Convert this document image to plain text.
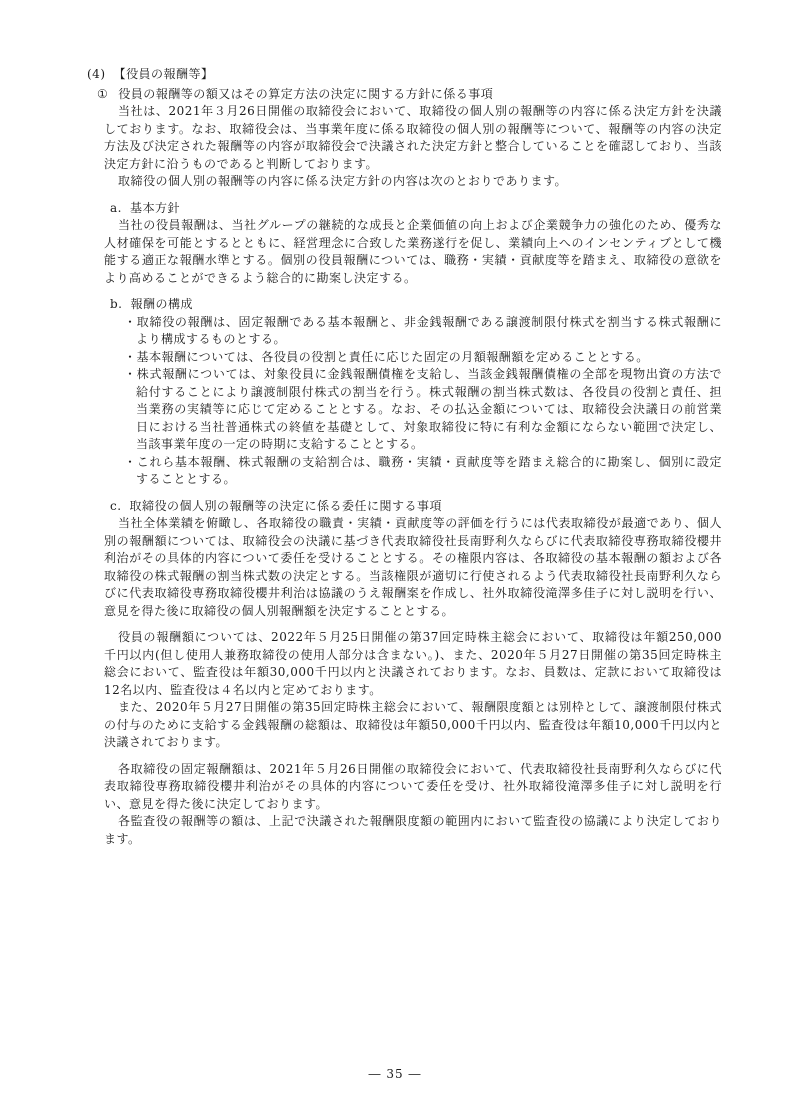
(4) 【役員の報酬等】
① 役員の報酬等の額又はその算定方法の決定に関する方針に係る事項

当社は、2021年３月26日開催の取締役会において、取締役の個人別の報酬等の内容に係る決定方針を決議しております。なお、取締役会は、当事業年度に係る取締役の個人別の報酬等について、報酬等の内容の決定方法及び決定された報酬等の内容が取締役会で決議された決定方針と整合していることを確認しており、当該決定方針に沿うものであると判断しております。

取締役の個人別の報酬等の内容に係る決定方針の内容は次のとおりであります。

a. 基本方針

当社の役員報酬は、当社グループの継続的な成長と企業価値の向上および企業競争力の強化のため、優秀な人材確保を可能とするとともに、経営理念に合致した業務遂行を促し、業績向上へのインセンティブとして機能する適正な報酬水準とする。個別の役員報酬については、職務・実績・貢献度等を踏まえ、取締役の意欲をより高めることができるよう総合的に勘案し決定する。

b. 報酬の構成
・取締役の報酬は、固定報酬である基本報酬と、非金銭報酬である譲渡制限付株式を割当する株式報酬により構成するものとする。
・基本報酬については、各役員の役割と責任に応じた固定の月額報酬額を定めることとする。
・株式報酬については、対象役員に金銭報酬債権を支給し、当該金銭報酬債権の全部を現物出資の方法で給付することにより譲渡制限付株式の割当を行う。株式報酬の割当株式数は、各役員の役割と責任、担当業務の実績等に応じて定めることとする。なお、その払込金額については、取締役会決議日の前営業日における当社普通株式の終値を基礎として、対象取締役に特に有利な金額にならない範囲で決定し、当該事業年度の一定の時期に支給することとする。
・これら基本報酬、株式報酬の支給割合は、職務・実績・貢献度等を踏まえ総合的に勘案し、個別に設定することとする。
c. 取締役の個人別の報酬等の決定に係る委任に関する事項

当社全体業績を俯瞰し、各取締役の職責・実績・貢献度等の評価を行うには代表取締役が最適であり、個人別の報酬額については、取締役会の決議に基づき代表取締役社長南野利久ならびに代表取締役専務取締役櫻井利治がその具体的内容について委任を受けることとする。その権限内容は、各取締役の基本報酬の額および各取締役の株式報酬の割当株式数の決定とする。当該権限が適切に行使されるよう代表取締役社長南野利久ならびに代表取締役専務取締役櫻井利治は協議のうえ報酬案を作成し、社外取締役滝澤多佳子に対し説明を行い、意見を得た後に取締役の個人別報酬額を決定することとする。

役員の報酬額については、2022年５月25日開催の第37回定時株主総会において、取締役は年額250,000千円以内(但し使用人兼務取締役の使用人部分は含まない。)、また、2020年５月27日開催の第35回定時株主総会において、監査役は年額30,000千円以内と決議されております。なお、員数は、定款において取締役は12名以内、監査役は４名以内と定めております。

また、2020年５月27日開催の第35回定時株主総会において、報酬限度額とは別枠として、譲渡制限付株式の付与のために支給する金銭報酬の総額は、取締役は年額50,000千円以内、監査役は年額10,000千円以内と決議されております。

各取締役の固定報酬額は、2021年５月26日開催の取締役会において、代表取締役社長南野利久ならびに代表取締役専務取締役櫻井利治がその具体的内容について委任を受け、社外取締役滝澤多佳子に対し説明を行い、意見を得た後に決定しております。

各監査役の報酬等の額は、上記で決議された報酬限度額の範囲内において監査役の協議により決定しております。

― 35 ―
